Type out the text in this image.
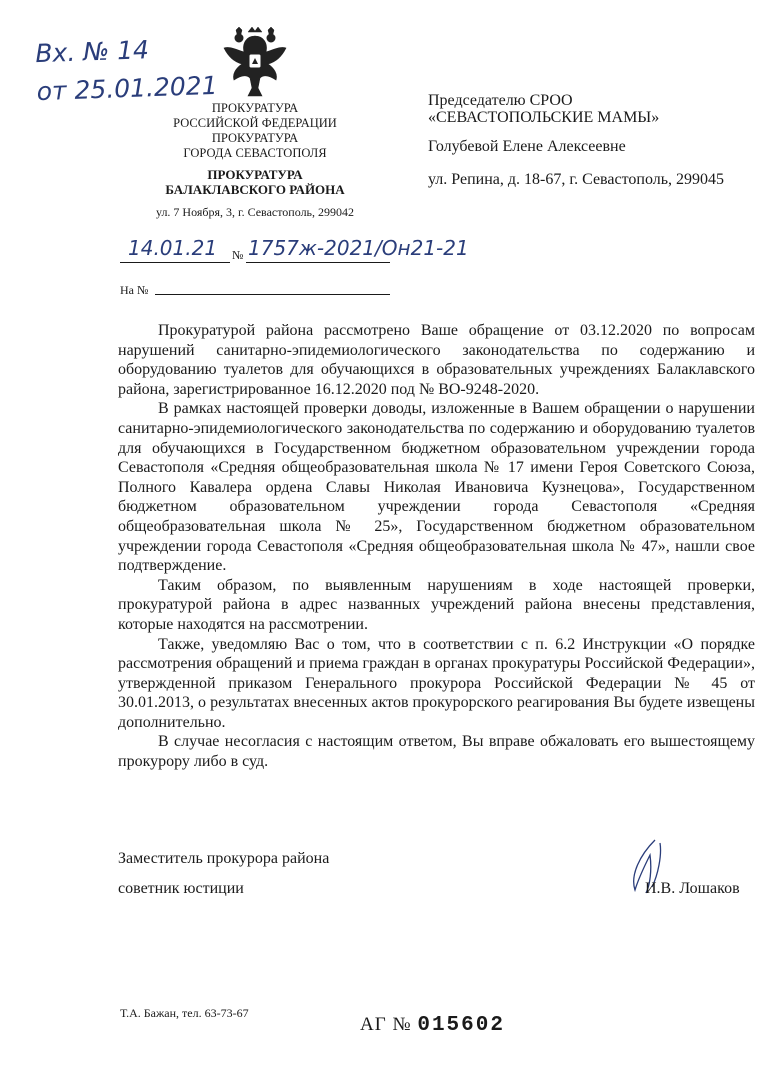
Вх. № 14
от 25.01.2021
ПРОКУРАТУРА
РОССИЙСКОЙ ФЕДЕРАЦИИ
ПРОКУРАТУРА
ГОРОДА СЕВАСТОПОЛЯ
ПРОКУРАТУРА
БАЛАКЛАВСКОГО РАЙОНА
ул. 7 Ноября, 3, г. Севастополь, 299042
14.01.21 № 1757ж-2021/Он21-21
На №
Председателю СРОО
«СЕВАСТОПОЛЬСКИЕ МАМЫ»
Голубевой Елене Алексеевне
ул. Репина, д. 18-67, г. Севастополь, 299045

Прокуратурой района рассмотрено Ваше обращение от 03.12.2020 по вопросам нарушений санитарно-эпидемиологического законодательства по содержанию и оборудованию туалетов для обучающихся в образовательных учреждениях Балаклавского района, зарегистрированное 16.12.2020 под № ВО-9248-2020.

В рамках настоящей проверки доводы, изложенные в Вашем обращении о нарушении санитарно-эпидемиологического законодательства по содержанию и оборудованию туалетов для обучающихся в Государственном бюджетном образовательном учреждении города Севастополя «Средняя общеобразовательная школа № 17 имени Героя Советского Союза, Полного Кавалера ордена Славы Николая Ивановича Кузнецова», Государственном бюджетном образовательном учреждении города Севастополя «Средняя общеобразовательная школа № 25», Государственном бюджетном образовательном учреждении города Севастополя «Средняя общеобразовательная школа № 47», нашли свое подтверждение.

Таким образом, по выявленным нарушениям в ходе настоящей проверки, прокуратурой района в адрес названных учреждений района внесены представления, которые находятся на рассмотрении.

Также, уведомляю Вас о том, что в соответствии с п. 6.2 Инструкции «О порядке рассмотрения обращений и приема граждан в органах прокуратуры Российской Федерации», утвержденной приказом Генерального прокурора Российской Федерации № 45 от 30.01.2013, о результатах внесенных актов прокурорского реагирования Вы будете извещены дополнительно.

В случае несогласия с настоящим ответом, Вы вправе обжаловать его вышестоящему прокурору либо в суд.

Заместитель прокурора района
советник юстиции	И.В. Лошаков
Т.А. Бажан, тел. 63-73-67
АГ № 015602
